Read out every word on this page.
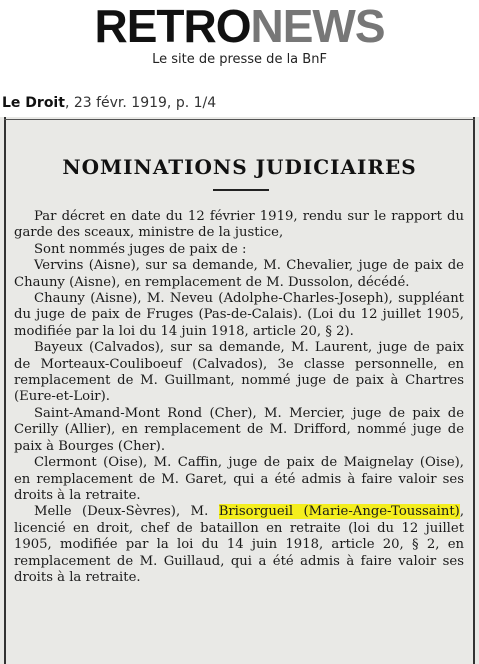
RETRONEWS
Le site de presse de la BnF
Le Droit, 23 févr. 1919, p. 1/4
NOMINATIONS JUDICIAIRES

Par décret en date du 12 février 1919, rendu sur le rapport du garde des sceaux, ministre de la justice,

Sont nommés juges de paix de :

Vervins (Aisne), sur sa demande, M. Chevalier, juge de paix de Chauny (Aisne), en remplacement de M. Dussolon, décédé.

Chauny (Aisne), M. Neveu (Adolphe-Charles-Joseph), suppléant du juge de paix de Fruges (Pas-de-Calais). (Loi du 12 juillet 1905, modifiée par la loi du 14 juin 1918, article 20, § 2).

Bayeux (Calvados), sur sa demande, M. Laurent, juge de paix de Morteaux-Couliboeuf (Calvados), 3e classe personnelle, en remplacement de M. Guillmant, nommé juge de paix à Chartres (Eure-et-Loir).

Saint-Amand-Mont Rond (Cher), M. Mercier, juge de paix de Cerilly (Allier), en remplacement de M. Drifford, nommé juge de paix à Bourges (Cher).

Clermont (Oise), M. Caffin, juge de paix de Maignelay (Oise), en remplacement de M. Garet, qui a été admis à faire valoir ses droits à la retraite.

Melle (Deux-Sèvres), M. Brisorgueil (Marie-Ange-Toussaint), licencié en droit, chef de bataillon en retraite (loi du 12 juillet 1905, modifiée par la loi du 14 juin 1918, article 20, § 2, en remplacement de M. Guillaud, qui a été admis à faire valoir ses droits à la retraite.
